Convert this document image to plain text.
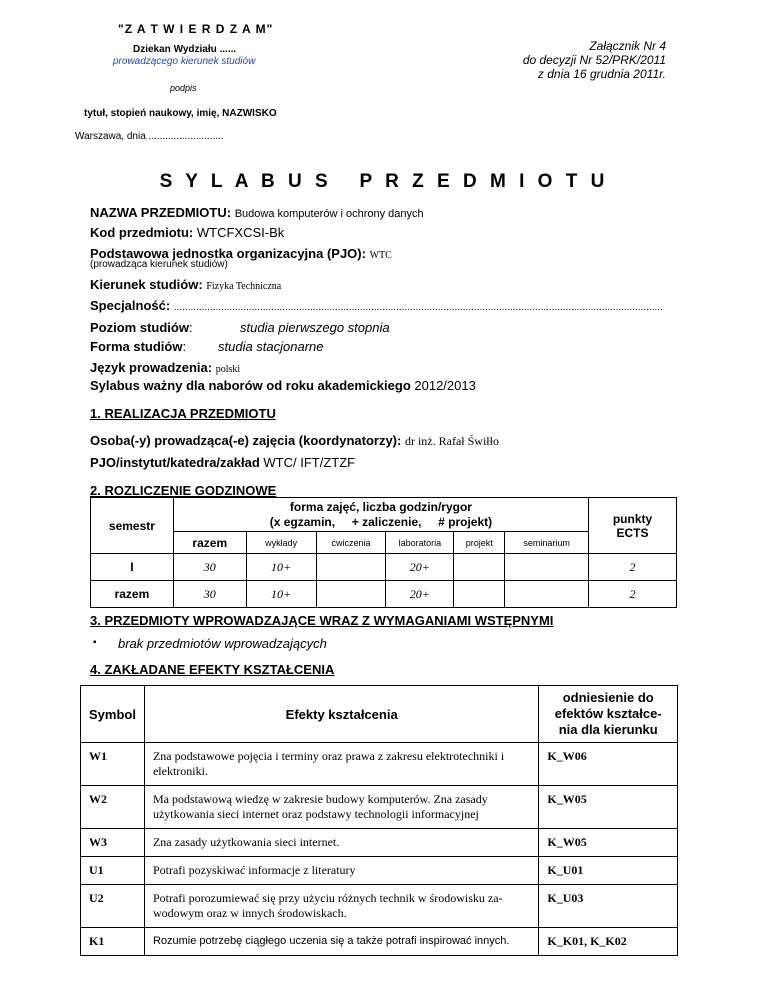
"Z A T W I E R D Z A M"
Dziekan Wydziału ......
prowadzącego kierunek studiów
podpis
tytuł, stopień naukowy, imię, NAZWISKO
Warszawa, dnia ...........................
Załącznik Nr 4
do decyzji Nr 52/PRK/2011
z dnia 16 grudnia 2011r.
S Y L A B U S   P R Z E D M I O T U
NAZWA PRZEDMIOTU: Budowa komputerów i ochrony danych
Kod przedmiotu: WTCFXCSI-Bk
Podstawowa jednostka organizacyjna (PJO): WTC
(prowadząca kierunek studiów)
Kierunek studiów: Fizyka Techniczna
Specjalność: ................................................................................................................................................................................
Poziom studiów:	studia pierwszego stopnia
Forma studiów: studia stacjonarne
Język prowadzenia: polski
Sylabus ważny dla naborów od roku akademickiego 2012/2013
1. REALIZACJA PRZEDMIOTU
Osoba(-y) prowadząca(-e) zajęcia (koordynatorzy): dr inż. Rafał Świłło
PJO/instytut/katedra/zakład WTC/ IFT/ZTZF
2. ROZLICZENIE GODZINOWE
semestr	forma zajęć, liczba godzin/rygor
(x egzamin,     + zaliczenie,     # projekt)						punkty ECTS
	razem	wykłady	ćwiczenia	laboratoria	projekt	seminarium	
I	30	10+		20+			2
razem	30	10+		20+			2
3. PRZEDMIOTY WPROWADZAJĄCE WRAZ Z WYMAGANIAMI WSTĘPNYMI
▪ brak przedmiotów wprowadzających
4. ZAKŁADANE EFEKTY KSZTAŁCENIA
Symbol	Efekty kształcenia	odniesienie do efektów kształce-nia dla kierunku
W1	Zna podstawowe pojęcia i terminy oraz prawa z zakresu elektrotechniki i elektroniki.	K_W06
W2	Ma podstawową wiedzę w zakresie budowy komputerów. Zna zasady użytkowania sieci internet oraz podstawy technologii informacyjnej	K_W05
W3	Zna zasady użytkowania sieci internet.	K_W05
U1	Potrafi pozyskiwać informacje z literatury	K_U01
U2	Potrafi porozumiewać się przy użyciu różnych technik w środowisku za-wodowym oraz w innych środowiskach.	K_U03
K1	Rozumie potrzebę ciągłego uczenia się a także potrafi inspirować innych.	K_K01, K_K02
